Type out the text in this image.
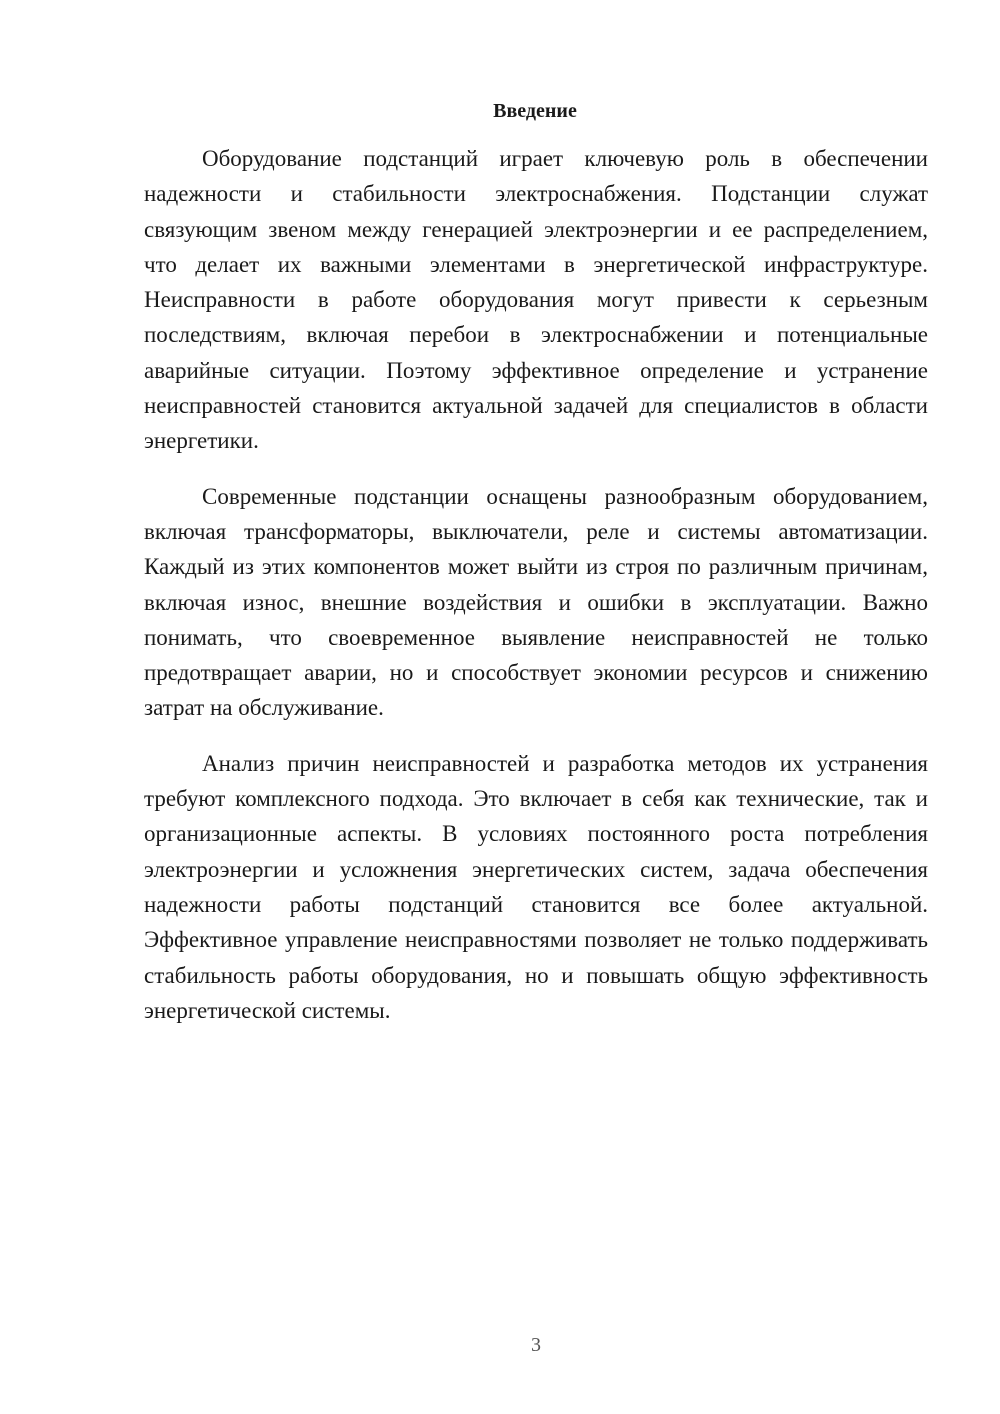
Введение

Оборудование подстанций играет ключевую роль в обеспечении надежности и стабильности электроснабжения. Подстанции служат связующим звеном между генерацией электроэнергии и ее распределением, что делает их важными элементами в энергетической инфраструктуре. Неисправности в работе оборудования могут привести к серьезным последствиям, включая перебои в электроснабжении и потенциальные аварийные ситуации. Поэтому эффективное определение и устранение неисправностей становится актуальной задачей для специалистов в области энергетики.

Современные подстанции оснащены разнообразным оборудованием, включая трансформаторы, выключатели, реле и системы автоматизации. Каждый из этих компонентов может выйти из строя по различным причинам, включая износ, внешние воздействия и ошибки в эксплуатации. Важно понимать, что своевременное выявление неисправностей не только предотвращает аварии, но и способствует экономии ресурсов и снижению затрат на обслуживание.

Анализ причин неисправностей и разработка методов их устранения требуют комплексного подхода. Это включает в себя как технические, так и организационные аспекты. В условиях постоянного роста потребления электроэнергии и усложнения энергетических систем, задача обеспечения надежности работы подстанций становится все более актуальной. Эффективное управление неисправностями позволяет не только поддерживать стабильность работы оборудования, но и повышать общую эффективность энергетической системы.

3
